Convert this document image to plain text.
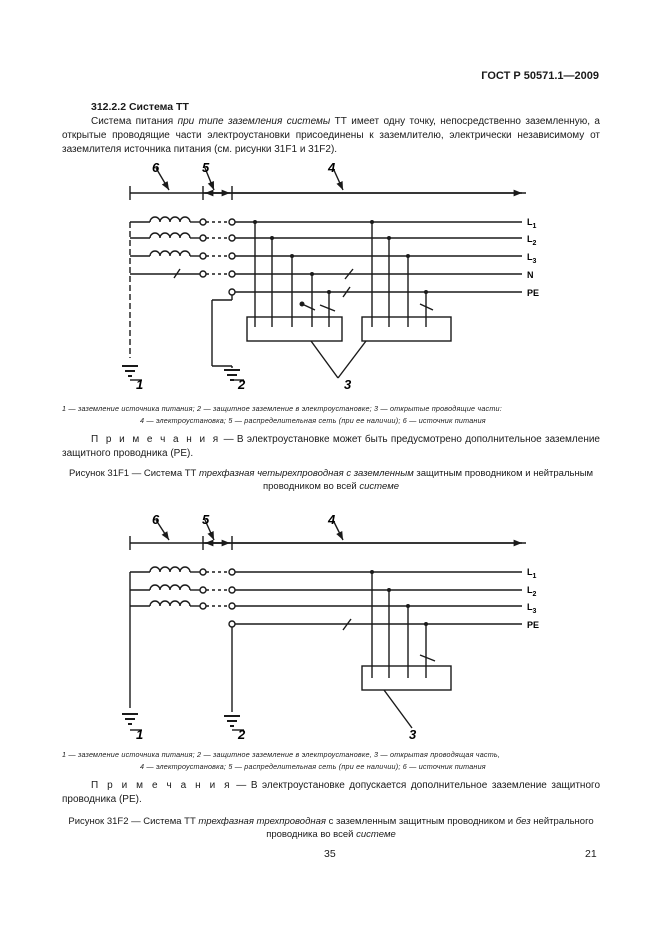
ГОСТ Р 50571.1—2009
312.2.2 Система ТТ
Система питания при типе заземления системы ТТ имеет одну точку, непосредственно заземленную, а открытые проводящие части электроустановки присоединены к заземлителю, электрически независимому от заземлителя источника питания (см. рисунки 31F1 и 31F2).
6	5	4
1	2	3
$L_1$
$L_2$
$L_3$
N
PE
1 — заземление источника питания; 2 — защитное заземление в электроустановке; 3 — открытые проводящие части:
4 — электроустановка; 5 — распределительная сеть (при ее наличии); 6 — источник питания
П р и м е ч а н и я — В электроустановке может быть предусмотрено дополнительное заземление защитного проводника (PE).
Рисунок 31F1 — Система ТТ трехфазная четырехпроводная с заземленным защитным проводником и нейтральным проводником во всей системе
6	5	4
1	2	3
$L_1$
$L_2$
$L_3$
PE
1 — заземление источника питания; 2 — защитное заземление в электроустановке, 3 — открытая проводящая часть,
4 — электроустановка; 5 — распределительная сеть (при ее наличии); 6 — источник питания
П р и м е ч а н и я — В электроустановке допускается дополнительное заземление защитного проводника (PE).
Рисунок 31F2 — Система ТТ трехфазная трехпроводная с заземленным защитным проводником и без нейтрального проводника во всей системе
35	21
